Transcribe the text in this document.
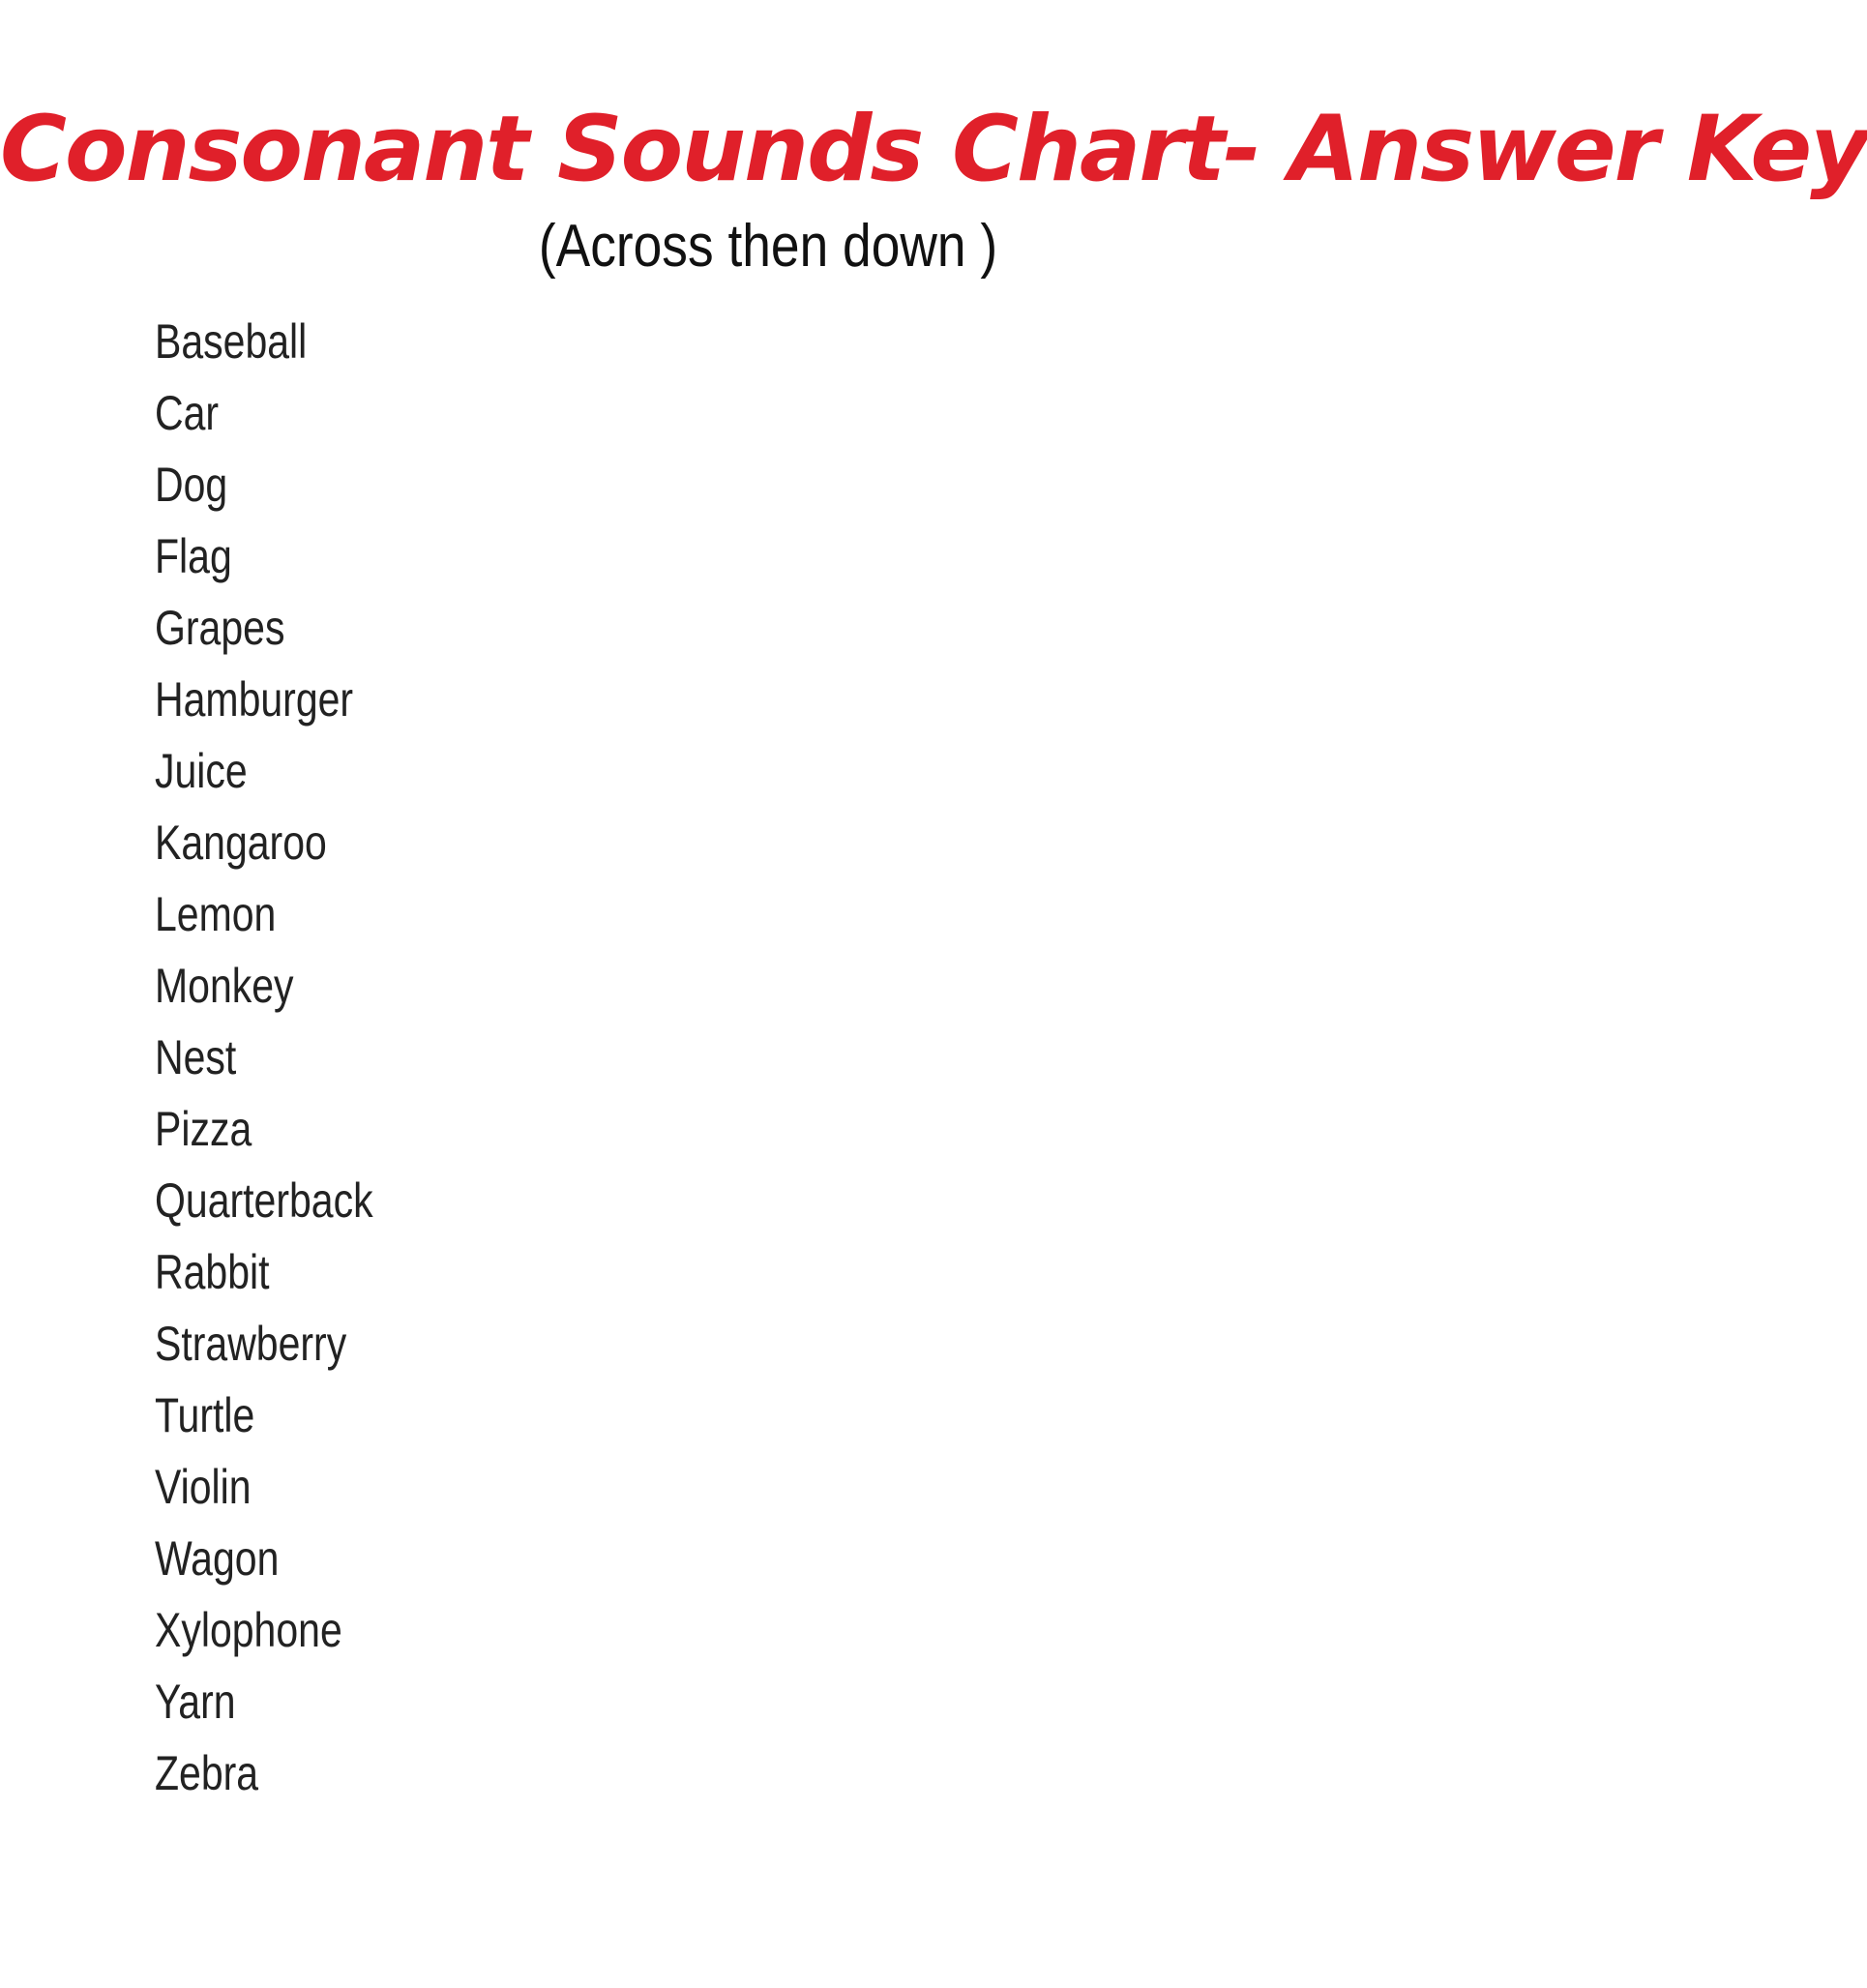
Consonant Sounds Chart- Answer Key
(Across then down )
Baseball
Car
Dog
Flag
Grapes
Hamburger
Juice
Kangaroo
Lemon
Monkey
Nest
Pizza
Quarterback
Rabbit
Strawberry
Turtle
Violin
Wagon
Xylophone
Yarn
Zebra
